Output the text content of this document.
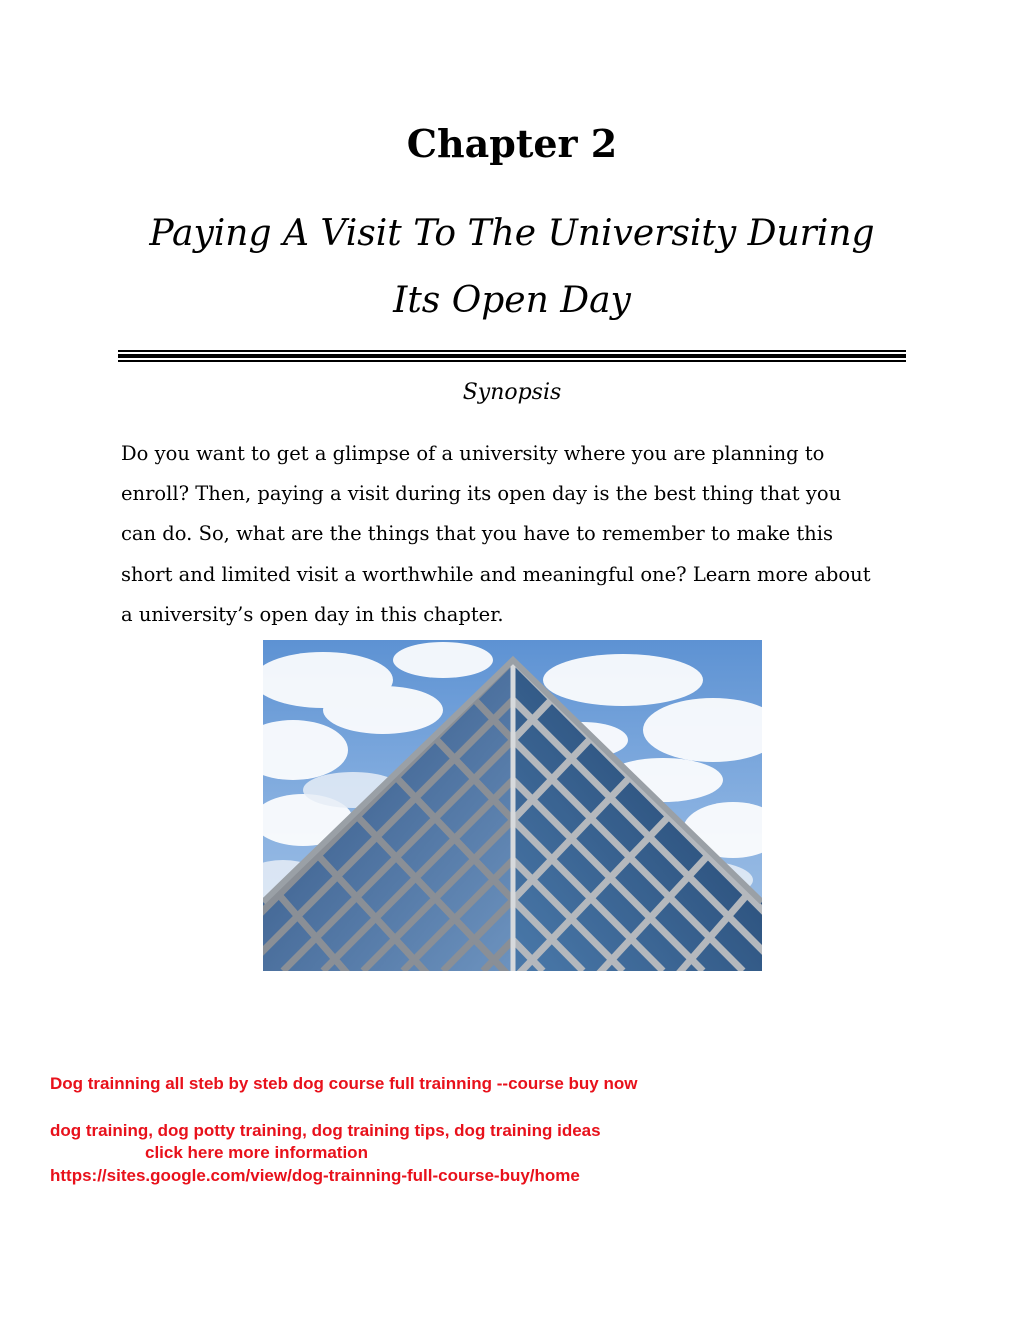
Chapter 2
Paying A Visit To The University During
Its Open Day
Synopsis
Do you want to get a glimpse of a university where you are planning to
enroll? Then, paying a visit during its open day is the best thing that you
can do. So, what are the things that you have to remember to make this
short and limited visit a worthwhile and meaningful one? Learn more about
a university’s open day in this chapter.
Dog trainning all steb by steb dog course full trainning --course buy now
dog training, dog potty training, dog training tips, dog training ideas
click here more information
https://sites.google.com/view/dog-trainning-full-course-buy/home
